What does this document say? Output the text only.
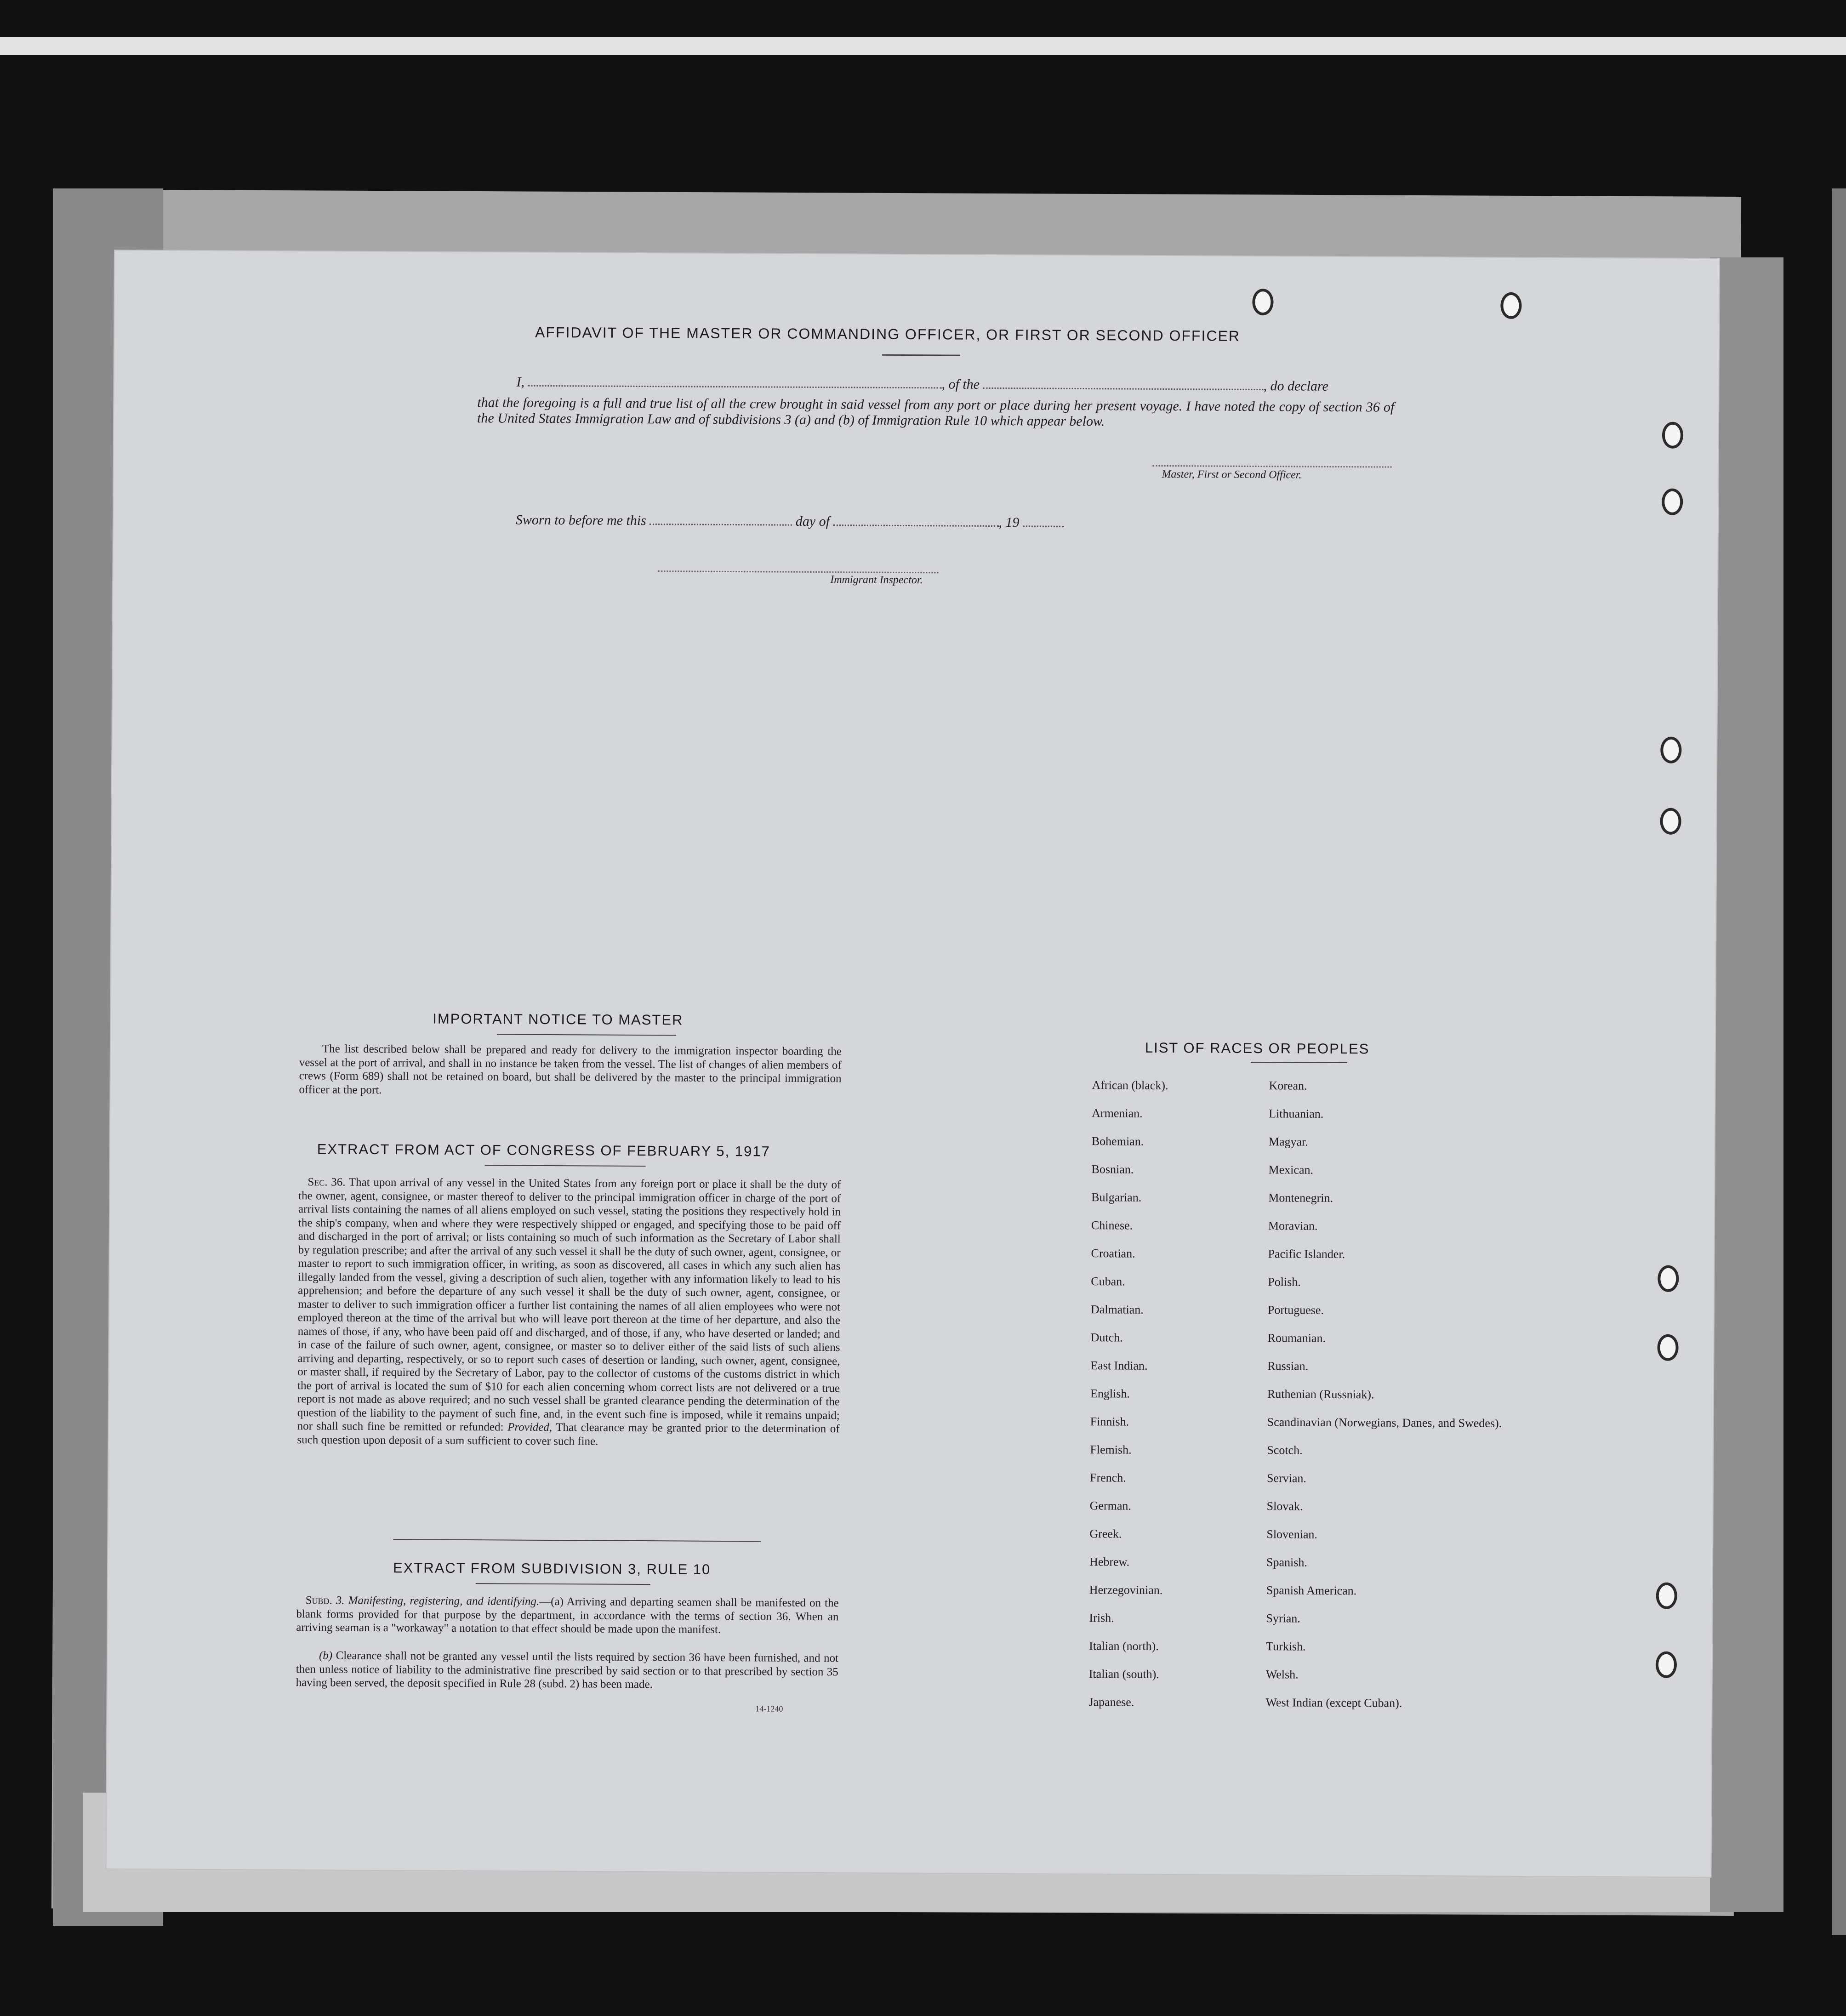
AFFIDAVIT OF THE MASTER OR COMMANDING OFFICER, OR FIRST OR SECOND OFFICER
I,	, of the	, do declare
that the foregoing is a full and true list of all the crew brought in said vessel from any port or place during her present voyage. I have noted the copy of section 36 of the United States Immigration Law and of subdivisions 3 (a) and (b) of Immigration Rule 10 which appear below.
Master, First or Second Officer.
Sworn to before me this	day of	, 19
Immigrant Inspector.
IMPORTANT NOTICE TO MASTER
The list described below shall be prepared and ready for delivery to the immigration inspector boarding the vessel at the port of arrival, and shall in no instance be taken from the vessel. The list of changes of alien members of crews (Form 689) shall not be retained on board, but shall be delivered by the master to the principal immigration officer at the port.
EXTRACT FROM ACT OF CONGRESS OF FEBRUARY 5, 1917
Sec. 36. That upon arrival of any vessel in the United States from any foreign port or place it shall be the duty of the owner, agent, consignee, or master thereof to deliver to the principal immigration officer in charge of the port of arrival lists containing the names of all aliens employed on such vessel, stating the positions they respectively hold in the ship's company, when and where they were respectively shipped or engaged, and specifying those to be paid off and discharged in the port of arrival; or lists containing so much of such information as the Secretary of Labor shall by regulation prescribe; and after the arrival of any such vessel it shall be the duty of such owner, agent, consignee, or master to report to such immigration officer, in writing, as soon as discovered, all cases in which any such alien has illegally landed from the vessel, giving a description of such alien, together with any information likely to lead to his apprehension; and before the departure of any such vessel it shall be the duty of such owner, agent, consignee, or master to deliver to such immigration officer a further list containing the names of all alien employees who were not employed thereon at the time of the arrival but who will leave port thereon at the time of her departure, and also the names of those, if any, who have been paid off and discharged, and of those, if any, who have deserted or landed; and in case of the failure of such owner, agent, consignee, or master so to deliver either of the said lists of such aliens arriving and departing, respectively, or so to report such cases of desertion or landing, such owner, agent, consignee, or master shall, if required by the Secretary of Labor, pay to the collector of customs of the customs district in which the port of arrival is located the sum of $10 for each alien concerning whom correct lists are not delivered or a true report is not made as above required; and no such vessel shall be granted clearance pending the determination of the question of the liability to the payment of such fine, and, in the event such fine is imposed, while it remains unpaid; nor shall such fine be remitted or refunded: Provided, That clearance may be granted prior to the determination of such question upon deposit of a sum sufficient to cover such fine.
EXTRACT FROM SUBDIVISION 3, RULE 10
Subd. 3. Manifesting, registering, and identifying.—(a) Arriving and departing seamen shall be manifested on the blank forms provided for that purpose by the department, in accordance with the terms of section 36. When an arriving seaman is a "workaway" a notation to that effect should be made upon the manifest.
(b) Clearance shall not be granted any vessel until the lists required by section 36 have been furnished, and not then unless notice of liability to the administrative fine prescribed by said section or to that prescribed by section 35 having been served, the deposit specified in Rule 28 (subd. 2) has been made.
14-1240
LIST OF RACES OR PEOPLES
African (black).	Korean.
Armenian.	Lithuanian.
Bohemian.	Magyar.
Bosnian.	Mexican.
Bulgarian.	Montenegrin.
Chinese.	Moravian.
Croatian.	Pacific Islander.
Cuban.	Polish.
Dalmatian.	Portuguese.
Dutch.	Roumanian.
East Indian.	Russian.
English.	Ruthenian (Russniak).
Finnish.	Scandinavian (Norwegians, Danes, and Swedes).
Flemish.	Scotch.
French.	Servian.
German.	Slovak.
Greek.	Slovenian.
Hebrew.	Spanish.
Herzegovinian.	Spanish American.
Irish.	Syrian.
Italian (north).	Turkish.
Italian (south).	Welsh.
Japanese.	West Indian (except Cuban).
